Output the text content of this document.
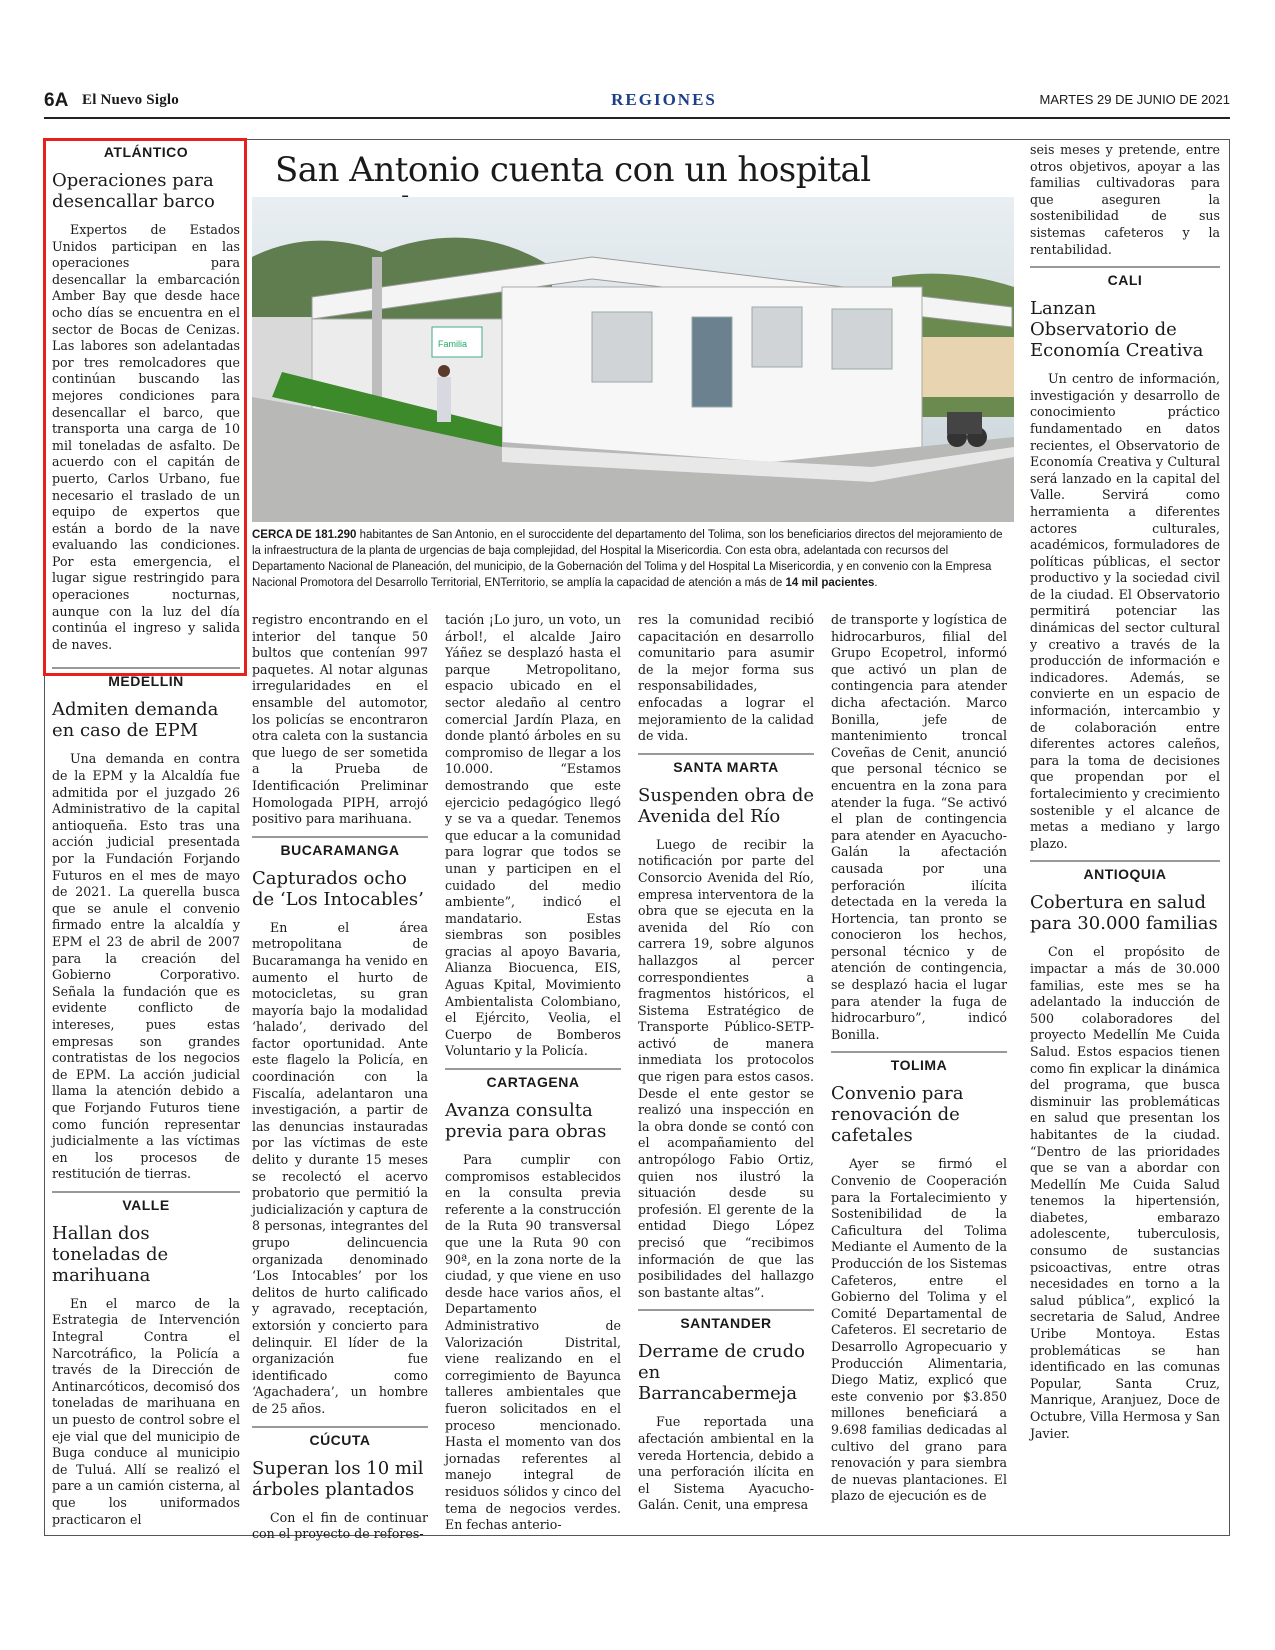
6A El Nuevo Siglo	REGIONES	MARTES 29 DE JUNIO DE 2021
ATLÁNTICO
Operaciones para desencallar barco

Expertos de Estados Unidos participan en las operaciones para desencallar la embarcación Amber Bay que desde hace ocho días se encuentra en el sector de Bocas de Cenizas. Las labores son adelantadas por tres remolcadores que continúan buscando las mejores condiciones para desencallar el barco, que transporta una carga de 10 mil toneladas de asfalto. De acuerdo con el capitán de puerto, Carlos Urbano, fue necesario el traslado de un equipo de expertos que están a bordo de la nave evaluando las condiciones. Por esta emergencia, el lugar sigue restringido para operaciones nocturnas, aunque con la luz del día continúa el ingreso y salida de naves.

MEDELLÍN
Admiten demanda en caso de EPM

Una demanda en contra de la EPM y la Alcaldía fue admitida por el juzgado 26 Administrativo de la capital antioqueña. Esto tras una acción judicial presentada por la Fundación Forjando Futuros en el mes de mayo de 2021. La querella busca que se anule el convenio firmado entre la alcaldía y EPM el 23 de abril de 2007 para la creación del Gobierno Corporativo. Señala la fundación que es evidente conflicto de intereses, pues estas empresas son grandes contratistas de los negocios de EPM. La acción judicial llama la atención debido a que Forjando Futuros tiene como función representar judicialmente a las víctimas en los procesos de restitución de tierras.

VALLE
Hallan dos toneladas de marihuana

En el marco de la Estrategia de Intervención Integral Contra el Narcotráfico, la Policía a través de la Dirección de Antinarcóticos, decomisó dos toneladas de marihuana en un puesto de control sobre el eje vial que del municipio de Buga conduce al municipio de Tuluá. Allí se realizó el pare a un camión cisterna, al que los uniformados practicaron el

San Antonio cuenta con un hospital
Familia
CERCA DE 181.290 habitantes de San Antonio, en el suroccidente del departamento del Tolima, son los beneficiarios directos del mejoramiento de la infraestructura de la planta de urgencias de baja complejidad, del Hospital la Misericordia. Con esta obra, adelantada con recursos del Departamento Nacional de Planeación, del municipio, de la Gobernación del Tolima y del Hospital La Misericordia, y en convenio con la Empresa Nacional Promotora del Desarrollo Territorial, ENTerritorio, se amplía la capacidad de atención a más de 14 mil pacientes.

registro encontrando en el interior del tanque 50 bultos que contenían 997 paquetes. Al notar algunas irregularidades en el ensamble del automotor, los policías se encontraron otra caleta con la sustancia que luego de ser sometida a la Prueba de Identificación Preliminar Homologada PIPH, arrojó positivo para marihuana.

BUCARAMANGA
Capturados ocho de ‘Los Intocables’

En el área metropolitana de Bucaramanga ha venido en aumento el hurto de motocicletas, su gran mayoría bajo la modalidad ‘halado’, derivado del factor oportunidad. Ante este flagelo la Policía, en coordinación con la Fiscalía, adelantaron una investigación, a partir de las denuncias instauradas por las víctimas de este delito y durante 15 meses se recolectó el acervo probatorio que permitió la judicialización y captura de 8 personas, integrantes del grupo delincuencia organizada denominado ‘Los Intocables’ por los delitos de hurto calificado y agravado, receptación, extorsión y concierto para delinquir. El líder de la organización fue identificado como ‘Agachadera’, un hombre de 25 años.

CÚCUTA
Superan los 10 mil árboles plantados

Con el fin de continuar con el proyecto de refores-

tación ¡Lo juro, un voto, un árbol!, el alcalde Jairo Yáñez se desplazó hasta el parque Metropolitano, espacio ubicado en el sector aledaño al centro comercial Jardín Plaza, en donde plantó árboles en su compromiso de llegar a los 10.000. “Estamos demostrando que este ejercicio pedagógico llegó y se va a quedar. Tenemos que educar a la comunidad para lograr que todos se unan y participen en el cuidado del medio ambiente”, indicó el mandatario. Estas siembras son posibles gracias al apoyo Bavaria, Alianza Biocuenca, EIS, Aguas Kpital, Movimiento Ambientalista Colombiano, el Ejército, Veolia, el Cuerpo de Bomberos Voluntario y la Policía.

CARTAGENA
Avanza consulta previa para obras

Para cumplir con compromisos establecidos en la consulta previa referente a la construcción de la Ruta 90 transversal que une la Ruta 90 con 90ª, en la zona norte de la ciudad, y que viene en uso desde hace varios años, el Departamento Administrativo de Valorización Distrital, viene realizando en el corregimiento de Bayunca talleres ambientales que fueron solicitados en el proceso mencionado. Hasta el momento van dos jornadas referentes al manejo integral de residuos sólidos y cinco del tema de negocios verdes. En fechas anterio-

res la comunidad recibió capacitación en desarrollo comunitario para asumir de la mejor forma sus responsabilidades, enfocadas a lograr el mejoramiento de la calidad de vida.

SANTA MARTA
Suspenden obra de Avenida del Río

Luego de recibir la notificación por parte del Consorcio Avenida del Río, empresa interventora de la obra que se ejecuta en la avenida del Río con carrera 19, sobre algunos hallazgos al percer correspondientes a fragmentos históricos, el Sistema Estratégico de Transporte Público-SETP- activó de manera inmediata los protocolos que rigen para estos casos. Desde el ente gestor se realizó una inspección en la obra donde se contó con el acompañamiento del antropólogo Fabio Ortiz, quien nos ilustró la situación desde su profesión. El gerente de la entidad Diego López precisó que “recibimos información de que las posibilidades del hallazgo son bastante altas”.

SANTANDER
Derrame de crudo en Barrancabermeja

Fue reportada una afectación ambiental en la vereda Hortencia, debido a una perforación ilícita en el Sistema Ayacucho-Galán. Cenit, una empresa

de transporte y logística de hidrocarburos, filial del Grupo Ecopetrol, informó que activó un plan de contingencia para atender dicha afectación. Marco Bonilla, jefe de mantenimiento troncal Coveñas de Cenit, anunció que personal técnico se encuentra en la zona para atender la fuga. “Se activó el plan de contingencia para atender en Ayacucho-Galán la afectación causada por una perforación ilícita detectada en la vereda la Hortencia, tan pronto se conocieron los hechos, personal técnico y de atención de contingencia, se desplazó hacia el lugar para atender la fuga de hidrocarburo”, indicó Bonilla.

TOLIMA
Convenio para renovación de cafetales

Ayer se firmó el Convenio de Cooperación para la Fortalecimiento y Sostenibilidad de la Caficultura del Tolima Mediante el Aumento de la Producción de los Sistemas Cafeteros, entre el Gobierno del Tolima y el Comité Departamental de Cafeteros. El secretario de Desarrollo Agropecuario y Producción Alimentaria, Diego Matiz, explicó que este convenio por $3.850 millones beneficiará a 9.698 familias dedicadas al cultivo del grano para renovación y para siembra de nuevas plantaciones. El plazo de ejecución es de

seis meses y pretende, entre otros objetivos, apoyar a las familias cultivadoras para que aseguren la sostenibilidad de sus sistemas cafeteros y la rentabilidad.

CALI
Lanzan Observatorio de Economía Creativa

Un centro de información, investigación y desarrollo de conocimiento práctico fundamentado en datos recientes, el Observatorio de Economía Creativa y Cultural será lanzado en la capital del Valle. Servirá como herramienta a diferentes actores culturales, académicos, formuladores de políticas públicas, el sector productivo y la sociedad civil de la ciudad. El Observatorio permitirá potenciar las dinámicas del sector cultural y creativo a través de la producción de información e indicadores. Además, se convierte en un espacio de información, intercambio y de colaboración entre diferentes actores caleños, para la toma de decisiones que propendan por el fortalecimiento y crecimiento sostenible y el alcance de metas a mediano y largo plazo.

ANTIOQUIA
Cobertura en salud para 30.000 familias

Con el propósito de impactar a más de 30.000 familias, este mes se ha adelantado la inducción de 500 colaboradores del proyecto Medellín Me Cuida Salud. Estos espacios tienen como fin explicar la dinámica del programa, que busca disminuir las problemáticas en salud que presentan los habitantes de la ciudad. “Dentro de las prioridades que se van a abordar con Medellín Me Cuida Salud tenemos la hipertensión, diabetes, embarazo adolescente, tuberculosis, consumo de sustancias psicoactivas, entre otras necesidades en torno a la salud pública”, explicó la secretaria de Salud, Andree Uribe Montoya. Estas problemáticas se han identificado en las comunas Popular, Santa Cruz, Manrique, Aranjuez, Doce de Octubre, Villa Hermosa y San Javier.
